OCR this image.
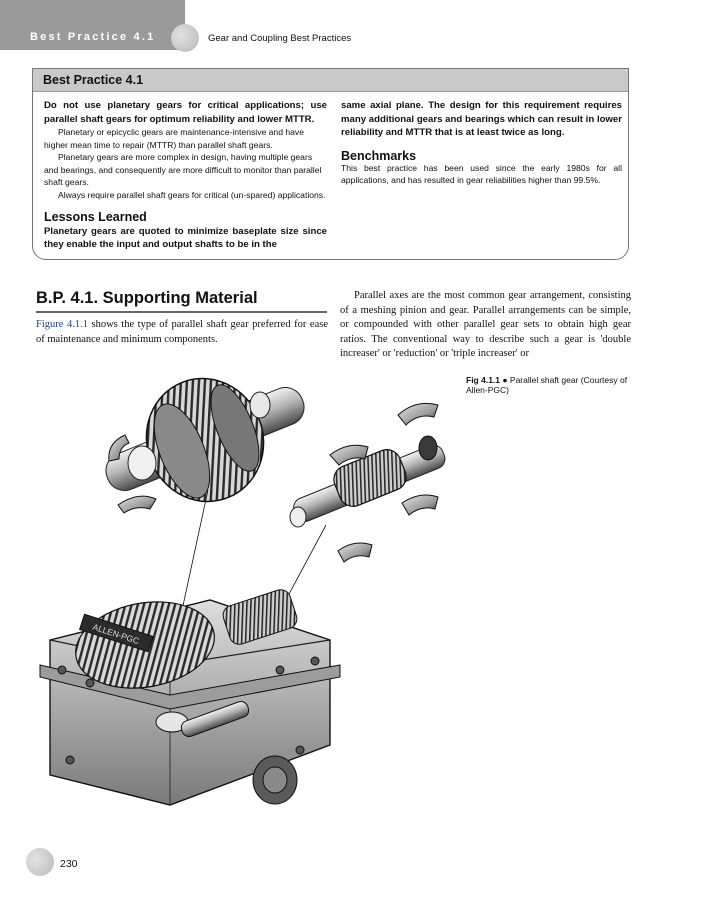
Best Practice 4.1	Gear and Coupling Best Practices
Best Practice 4.1
Do not use planetary gears for critical applications; use parallel shaft gears for optimum reliability and lower MTTR.

Planetary or epicyclic gears are maintenance-intensive and have higher mean time to repair (MTTR) than parallel shaft gears.

Planetary gears are more complex in design, having multiple gears and bearings, and consequently are more difficult to monitor than parallel shaft gears.

Always require parallel shaft gears for critical (un-spared) applications.

Lessons Learned
Planetary gears are quoted to minimize baseplate size since they enable the input and output shafts to be in the
same axial plane. The design for this requirement requires many additional gears and bearings which can result in lower reliability and MTTR that is at least twice as long.
Benchmarks
This best practice has been used since the early 1980s for all applications, and has resulted in gear reliabilities higher than 99.5%.
B.P. 4.1. Supporting Material
Figure 4.1.1 shows the type of parallel shaft gear preferred for ease of maintenance and minimum components.

Parallel axes are the most common gear arrangement, consisting of a meshing pinion and gear. Parallel arrangements can be simple, or compounded with other parallel gear sets to obtain high gear ratios. The conventional way to describe such a gear is 'double increaser' or 'reduction' or 'triple increaser' or

Fig 4.1.1 ● Parallel shaft gear (Courtesy of Allen-PGC)
ALLEN-PGC
230
